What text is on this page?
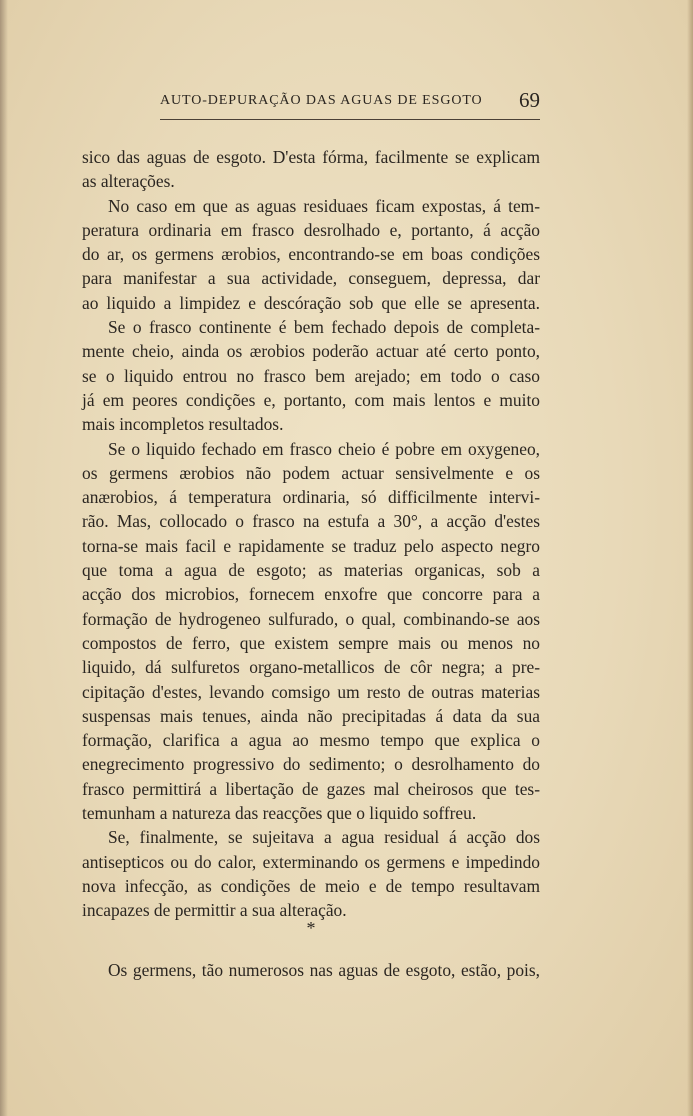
AUTO-DEPURAÇÃO DAS AGUAS DE ESGOTO 69
sico das aguas de esgoto. D'esta fórma, facilmente se explicam
as alterações.
No caso em que as aguas residuaes ficam expostas, á tem-
peratura ordinaria em frasco desrolhado e, portanto, á acção
do ar, os germens ærobios, encontrando-se em boas condições
para manifestar a sua actividade, conseguem, depressa, dar
ao liquido a limpidez e descóração sob que elle se apresenta.
Se o frasco continente é bem fechado depois de completa-
mente cheio, ainda os ærobios poderão actuar até certo ponto,
se o liquido entrou no frasco bem arejado; em todo o caso
já em peores condições e, portanto, com mais lentos e muito
mais incompletos resultados.
Se o liquido fechado em frasco cheio é pobre em oxygeneo,
os germens ærobios não podem actuar sensivelmente e os
anærobios, á temperatura ordinaria, só difficilmente intervi-
rão. Mas, collocado o frasco na estufa a 30°, a acção d'estes
torna-se mais facil e rapidamente se traduz pelo aspecto negro
que toma a agua de esgoto; as materias organicas, sob a
acção dos microbios, fornecem enxofre que concorre para a
formação de hydrogeneo sulfurado, o qual, combinando-se aos
compostos de ferro, que existem sempre mais ou menos no
liquido, dá sulfuretos organo-metallicos de côr negra; a pre-
cipitação d'estes, levando comsigo um resto de outras materias
suspensas mais tenues, ainda não precipitadas á data da sua
formação, clarifica a agua ao mesmo tempo que explica o
enegrecimento progressivo do sedimento; o desrolhamento do
frasco permittirá a libertação de gazes mal cheirosos que tes-
temunham a natureza das reacções que o liquido soffreu.
Se, finalmente, se sujeitava a agua residual á acção dos
antisepticos ou do calor, exterminando os germens e impedindo
nova infecção, as condições de meio e de tempo resultavam
incapazes de permittir a sua alteração.
*
Os germens, tão numerosos nas aguas de esgoto, estão, pois,
